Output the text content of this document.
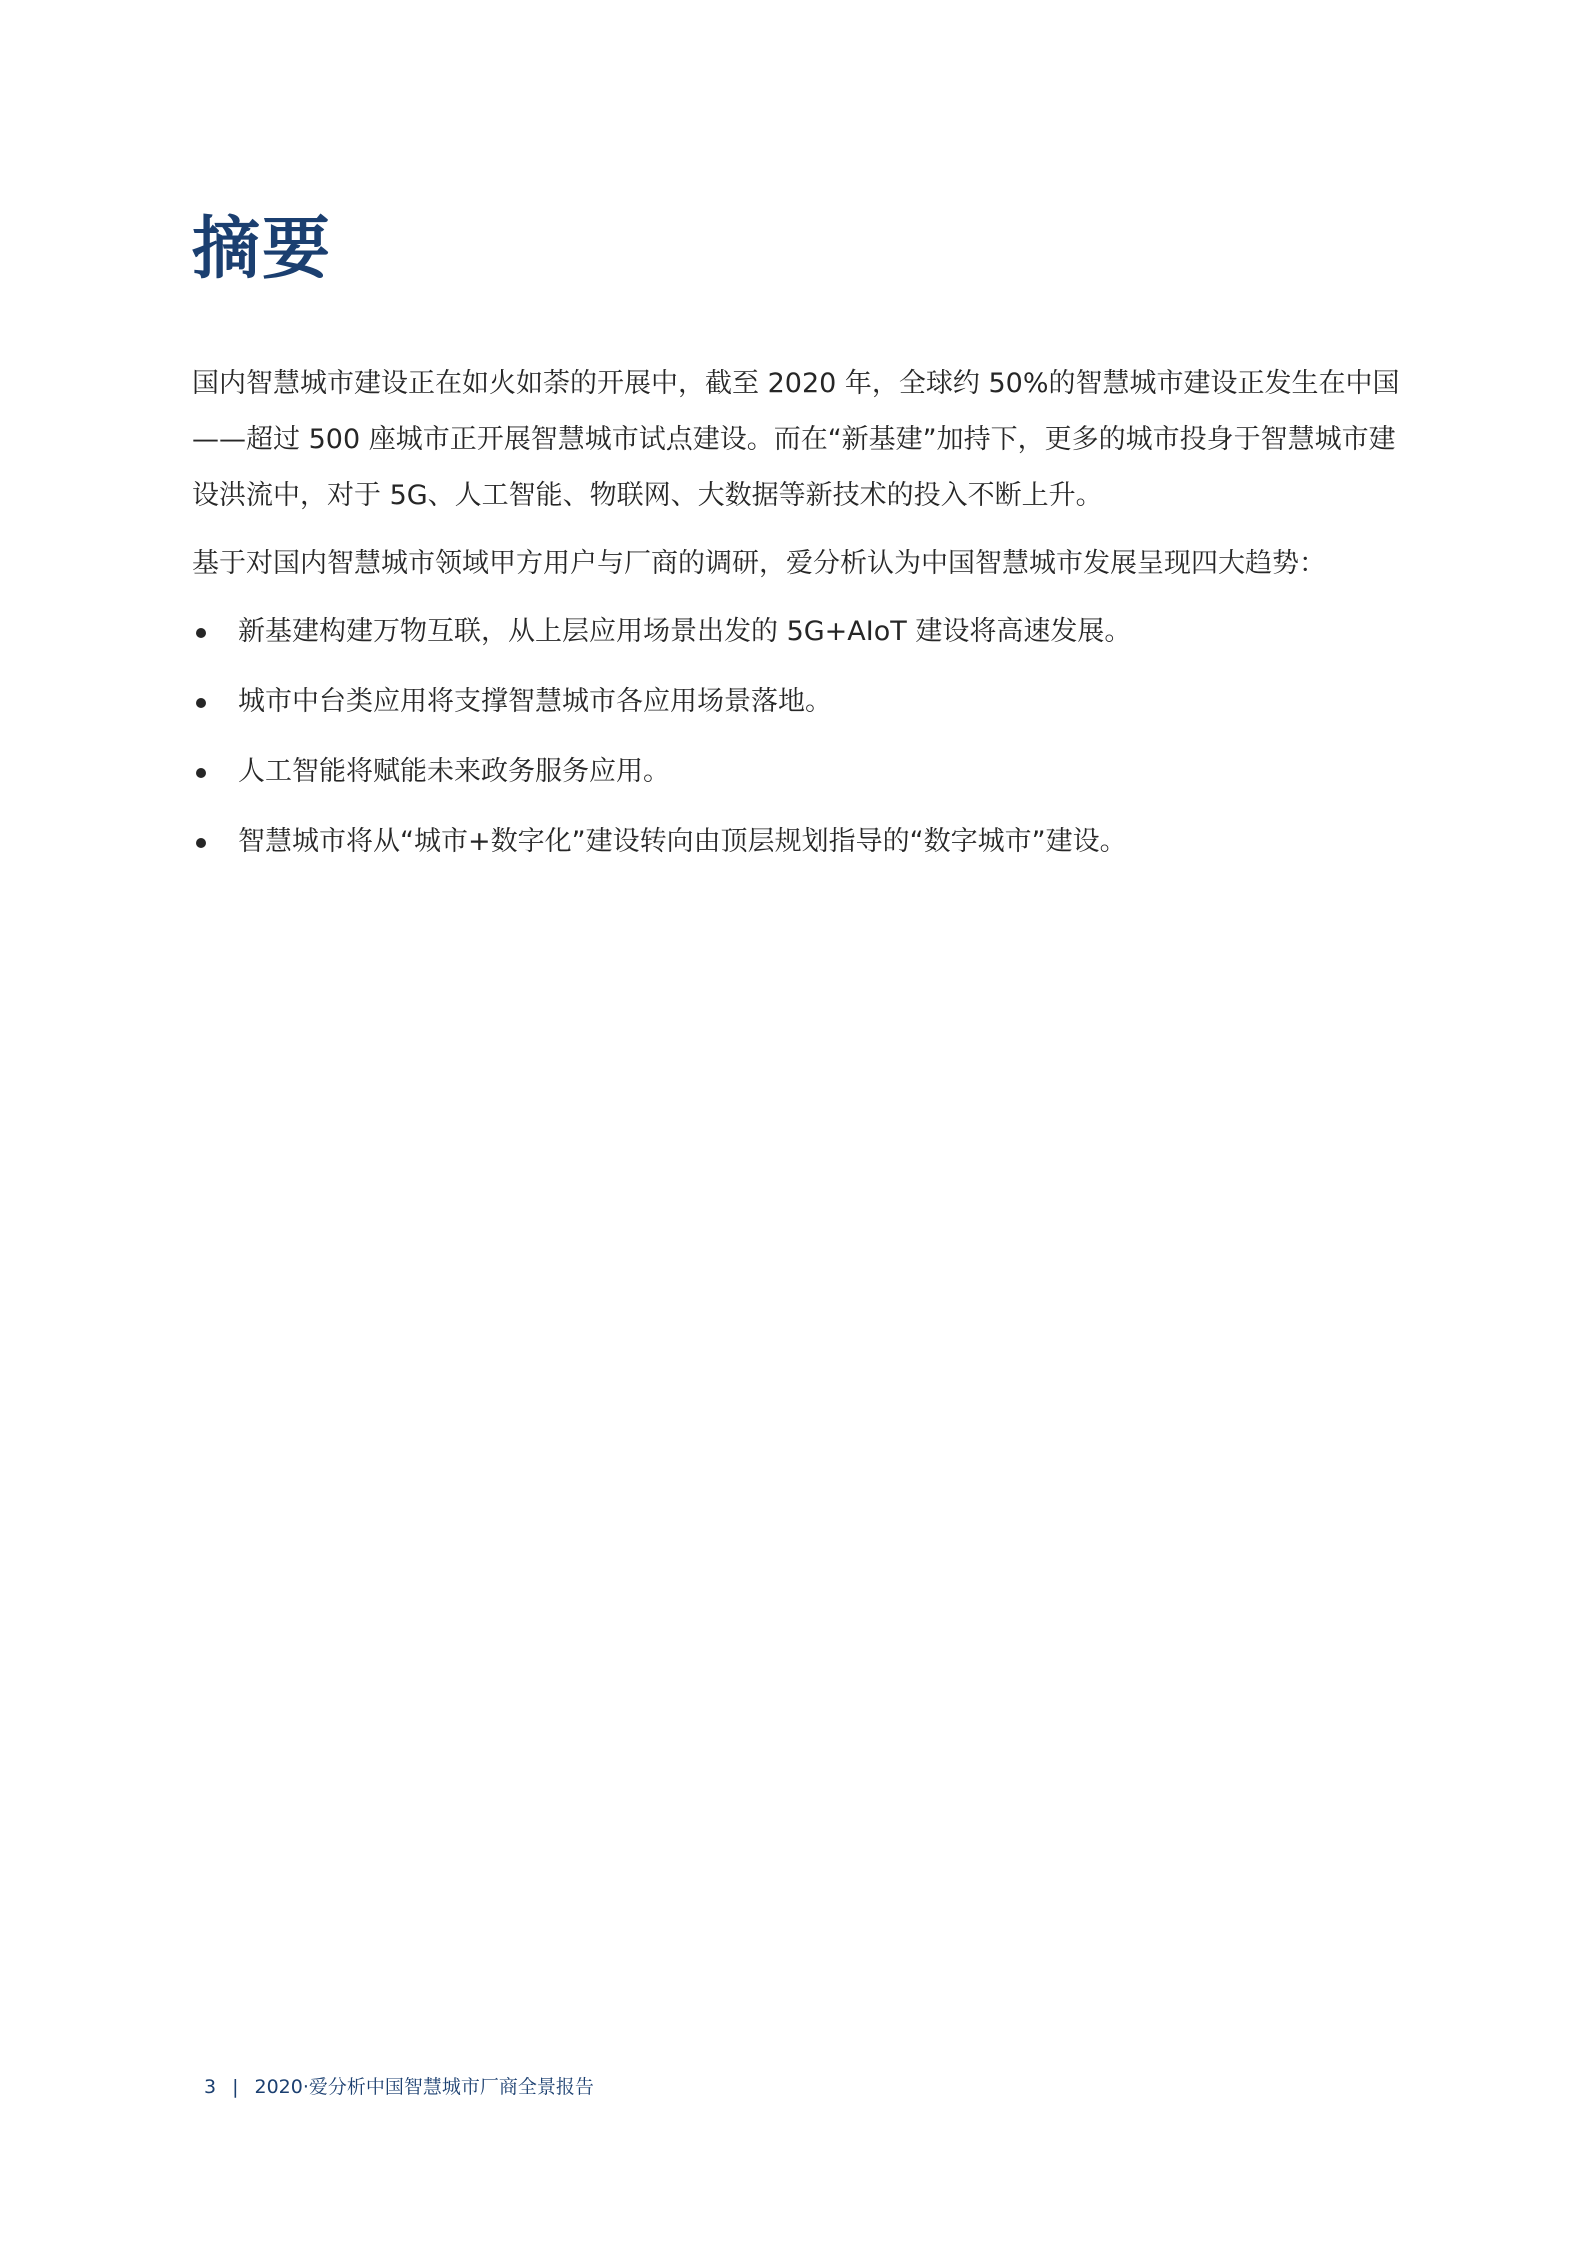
摘要

国内智慧城市建设正在如火如荼的开展中，截至 2020 年，全球约 50%的智慧城市建设正发生在中国——超过 500 座城市正开展智慧城市试点建设。而在“新基建”加持下，更多的城市投身于智慧城市建设洪流中，对于 5G、人工智能、物联网、大数据等新技术的投入不断上升。

基于对国内智慧城市领域甲方用户与厂商的调研，爱分析认为中国智慧城市发展呈现四大趋势：

新基建构建万物互联，从上层应用场景出发的 5G+AIoT 建设将高速发展。
城市中台类应用将支撑智慧城市各应用场景落地。
人工智能将赋能未来政务服务应用。
智慧城市将从“城市+数字化”建设转向由顶层规划指导的“数字城市”建设。
3 | 2020·爱分析中国智慧城市厂商全景报告
